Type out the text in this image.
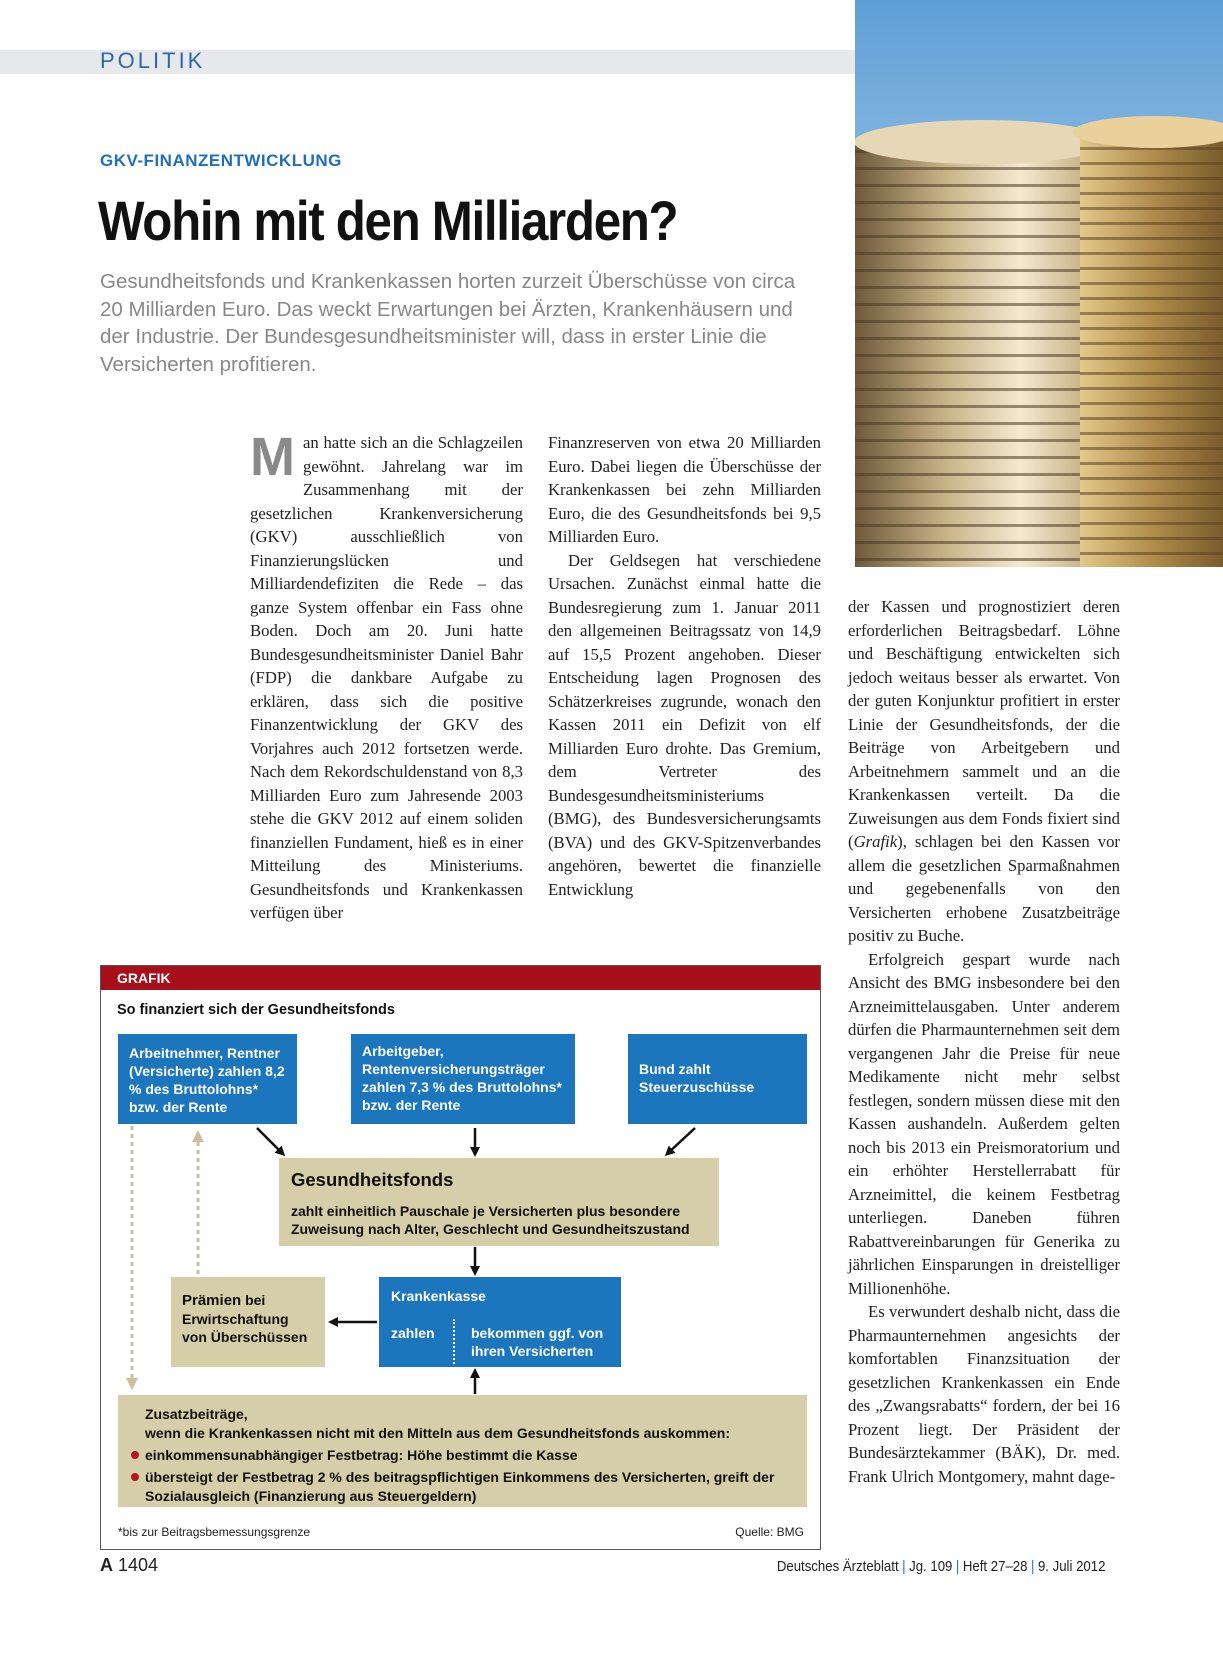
POLITIK
GKV-FINANZENTWICKLUNG
Wohin mit den Milliarden?
Gesundheitsfonds und Krankenkassen horten zurzeit Überschüsse von circa 20 Milliarden Euro. Das weckt Erwartungen bei Ärzten, Krankenhäusern und der Industrie. Der Bundesgesundheitsminister will, dass in erster Linie die Versicherten profitieren.

Man hatte sich an die Schlagzeilen gewöhnt. Jahrelang war im Zusammenhang mit der gesetzlichen Krankenversicherung (GKV) ausschließlich von Finanzierungslücken und Milliardendefiziten die Rede – das ganze System offenbar ein Fass ohne Boden. Doch am 20. Juni hatte Bundesgesundheitsminister Daniel Bahr (FDP) die dankbare Aufgabe zu erklären, dass sich die positive Finanzentwicklung der GKV des Vorjahres auch 2012 fortsetzen werde. Nach dem Rekordschuldenstand von 8,3 Milliarden Euro zum Jahresende 2003 stehe die GKV 2012 auf einem soliden finanziellen Fundament, hieß es in einer Mitteilung des Ministeriums. Gesundheitsfonds und Krankenkassen verfügen über

Finanzreserven von etwa 20 Milliarden Euro. Dabei liegen die Überschüsse der Krankenkassen bei zehn Milliarden Euro, die des Gesundheitsfonds bei 9,5 Milliarden Euro.

Der Geldsegen hat verschiedene Ursachen. Zunächst einmal hatte die Bundesregierung zum 1. Januar 2011 den allgemeinen Beitragssatz von 14,9 auf 15,5 Prozent angehoben. Dieser Entscheidung lagen Prognosen des Schätzerkreises zugrunde, wonach den Kassen 2011 ein Defizit von elf Milliarden Euro drohte. Das Gremium, dem Vertreter des Bundesgesundheitsministeriums (BMG), des Bundesversicherungsamts (BVA) und des GKV-Spitzenverbandes angehören, bewertet die finanzielle Entwicklung

der Kassen und prognostiziert deren erforderlichen Beitragsbedarf. Löhne und Beschäftigung entwickelten sich jedoch weitaus besser als erwartet. Von der guten Konjunktur profitiert in erster Linie der Gesundheitsfonds, der die Beiträge von Arbeitgebern und Arbeitnehmern sammelt und an die Krankenkassen verteilt. Da die Zuweisungen aus dem Fonds fixiert sind (Grafik), schlagen bei den Kassen vor allem die gesetzlichen Sparmaßnahmen und gegebenenfalls von den Versicherten erhobene Zusatzbeiträge positiv zu Buche.

Erfolgreich gespart wurde nach Ansicht des BMG insbesondere bei den Arzneimittelausgaben. Unter anderem dürfen die Pharmaunternehmen seit dem vergangenen Jahr die Preise für neue Medikamente nicht mehr selbst festlegen, sondern müssen diese mit den Kassen aushandeln. Außerdem gelten noch bis 2013 ein Preismoratorium und ein erhöhter Herstellerrabatt für Arzneimittel, die keinem Festbetrag unterliegen. Daneben führen Rabattvereinbarungen für Generika zu jährlichen Einsparungen in dreistelliger Millionenhöhe.

Es verwundert deshalb nicht, dass die Pharmaunternehmen angesichts der komfortablen Finanzsituation der gesetzlichen Krankenkassen ein Ende des „Zwangsrabatts“ fordern, der bei 16 Prozent liegt. Der Präsident der Bundesärztekammer (BÄK), Dr. med. Frank Ulrich Montgomery, mahnt dage-

GRAFIK
So finanziert sich der Gesundheitsfonds
Arbeitnehmer, Rentner (Versicherte) zahlen 8,2 % des Bruttolohns* bzw. der Rente
Arbeitgeber, Rentenversicherungsträger zahlen 7,3 % des Bruttolohns* bzw. der Rente
Bund zahlt Steuerzuschüsse
Gesundheitsfonds
zahlt einheitlich Pauschale je Versicherten plus besondere Zuweisung nach Alter, Geschlecht und Gesundheitszustand
Prämien bei Erwirtschaftung von Überschüssen
Krankenkasse
zahlen	bekommen ggf. von ihren Versicherten
Zusatzbeiträge,
wenn die Krankenkassen nicht mit den Mitteln aus dem Gesundheitsfonds auskommen:
einkommensunabhängiger Festbetrag: Höhe bestimmt die Kasse
übersteigt der Festbetrag 2 % des beitragspflichtigen Einkommens des Versicherten, greift der Sozialausgleich (Finanzierung aus Steuergeldern)
*bis zur Beitragsbemessungsgrenze	Quelle: BMG
A 1404	Deutsches Ärzteblatt | Jg. 109 | Heft 27–28 | 9. Juli 2012
